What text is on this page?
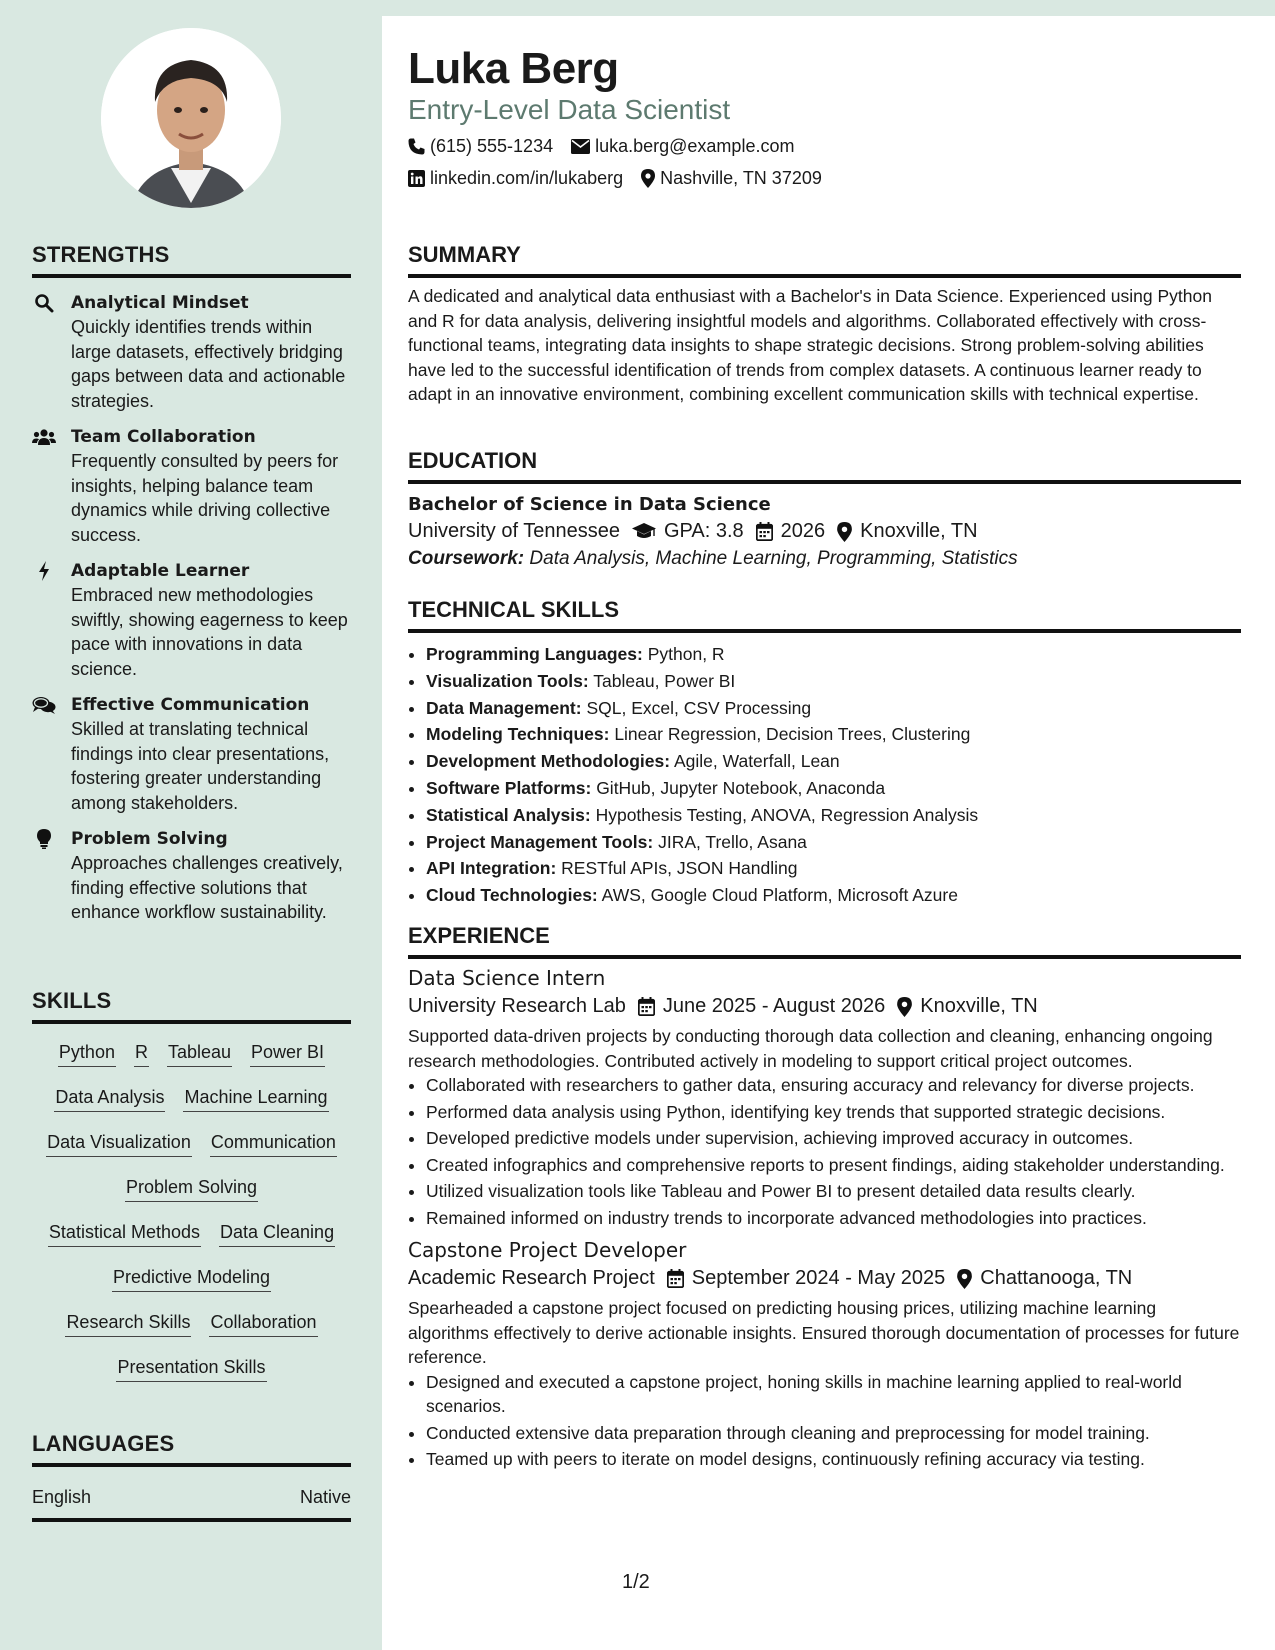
STRENGTHS
Analytical Mindset
Quickly identifies trends within large datasets, effectively bridging gaps between data and actionable strategies.
Team Collaboration
Frequently consulted by peers for insights, helping balance team dynamics while driving collective success.
Adaptable Learner
Embraced new methodologies swiftly, showing eagerness to keep pace with innovations in data science.
Effective Communication
Skilled at translating technical findings into clear presentations, fostering greater understanding among stakeholders.
Problem Solving
Approaches challenges creatively, finding effective solutions that enhance workflow sustainability.
SKILLS
Python R Tableau Power BI
Data Analysis Machine Learning
Data Visualization Communication
Problem Solving
Statistical Methods Data Cleaning
Predictive Modeling
Research Skills Collaboration
Presentation Skills
LANGUAGES
English	Native
Luka Berg
Entry-Level Data Scientist
(615) 555-1234 luka.berg@example.com
linkedin.com/in/lukaberg Nashville, TN 37209
SUMMARY

A dedicated and analytical data enthusiast with a Bachelor's in Data Science. Experienced using Python and R for data analysis, delivering insightful models and algorithms. Collaborated effectively with cross-functional teams, integrating data insights to shape strategic decisions. Strong problem-solving abilities have led to the successful identification of trends from complex datasets. A continuous learner ready to adapt in an innovative environment, combining excellent communication skills with technical expertise.

EDUCATION
Bachelor of Science in Data Science
University of Tennessee GPA: 3.8 2026 Knoxville, TN
Coursework: Data Analysis, Machine Learning, Programming, Statistics
TECHNICAL SKILLS
• Programming Languages: Python, R
• Visualization Tools: Tableau, Power BI
• Data Management: SQL, Excel, CSV Processing
• Modeling Techniques: Linear Regression, Decision Trees, Clustering
• Development Methodologies: Agile, Waterfall, Lean
• Software Platforms: GitHub, Jupyter Notebook, Anaconda
• Statistical Analysis: Hypothesis Testing, ANOVA, Regression Analysis
• Project Management Tools: JIRA, Trello, Asana
• API Integration: RESTful APIs, JSON Handling
• Cloud Technologies: AWS, Google Cloud Platform, Microsoft Azure
EXPERIENCE
Data Science Intern
University Research Lab June 2025 - August 2026 Knoxville, TN
Supported data-driven projects by conducting thorough data collection and cleaning, enhancing ongoing research methodologies. Contributed actively in modeling to support critical project outcomes.
• Collaborated with researchers to gather data, ensuring accuracy and relevancy for diverse projects.
• Performed data analysis using Python, identifying key trends that supported strategic decisions.
• Developed predictive models under supervision, achieving improved accuracy in outcomes.
• Created infographics and comprehensive reports to present findings, aiding stakeholder understanding.
• Utilized visualization tools like Tableau and Power BI to present detailed data results clearly.
• Remained informed on industry trends to incorporate advanced methodologies into practices.
Capstone Project Developer
Academic Research Project September 2024 - May 2025 Chattanooga, TN
Spearheaded a capstone project focused on predicting housing prices, utilizing machine learning algorithms effectively to derive actionable insights. Ensured thorough documentation of processes for future reference.
• Designed and executed a capstone project, honing skills in machine learning applied to real-world scenarios.
• Conducted extensive data preparation through cleaning and preprocessing for model training.
• Teamed up with peers to iterate on model designs, continuously refining accuracy via testing.
1/2
